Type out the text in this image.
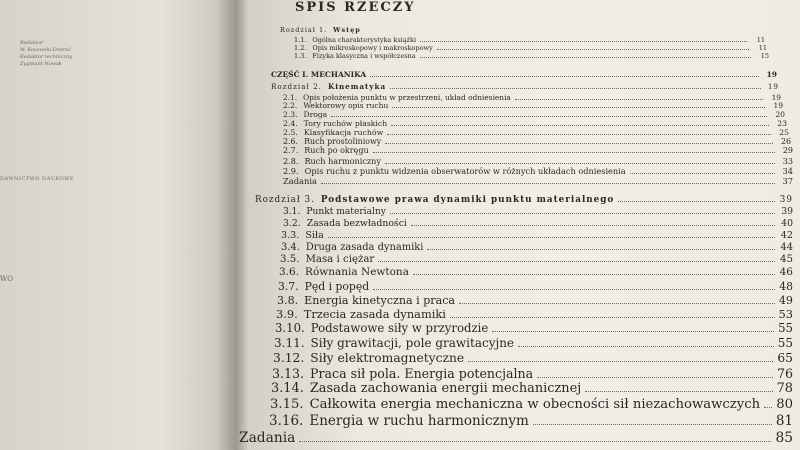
Redaktor
W. Kosowski-Dobroć
Redaktor techniczny
Zygmunt Nowak
DAWNICTWO NAUKOWE
WO
SPIS RZECZY
Rozdział 1. Wstęp
1.1. Ogólna charakterystyka książki	11
1.2. Opis mikroskopowy i makroskopowy	11
1.3. Fizyka klasyczna i współczesna	15
CZĘŚĆ I. MECHANIKA	19
Rozdział 2. Kinematyka	19
2.1. Opis położenia punktu w przestrzeni, układ odniesienia	19
2.2. Wektorowy opis ruchu	19
2.3. Droga	20
2.4. Tory ruchów płaskich	23
2.5. Klasyfikacja ruchów	25
2.6. Ruch prostoliniowy	26
2.7. Ruch po okręgu	29
2.8. Ruch harmoniczny	33
2.9. Opis ruchu z punktu widzenia obserwatorów w różnych układach odniesienia	34
Zadania	37
Rozdział 3. Podstawowe prawa dynamiki punktu materialnego	39
3.1. Punkt materialny	39
3.2. Zasada bezwładności	40
3.3. Siła	42
3.4. Druga zasada dynamiki	44
3.5. Masa i ciężar	45
3.6. Równania Newtona	46
3.7. Pęd i popęd	48
3.8. Energia kinetyczna i praca	49
3.9. Trzecia zasada dynamiki	53
3.10. Podstawowe siły w przyrodzie	55
3.11. Siły grawitacji, pole grawitacyjne	55
3.12. Siły elektromagnetyczne	65
3.13. Praca sił pola. Energia potencjalna	76
3.14. Zasada zachowania energii mechanicznej	78
3.15. Całkowita energia mechaniczna w obecności sił niezachowawczych 80
3.16. Energia w ruchu harmonicznym	81
Zadania	85
